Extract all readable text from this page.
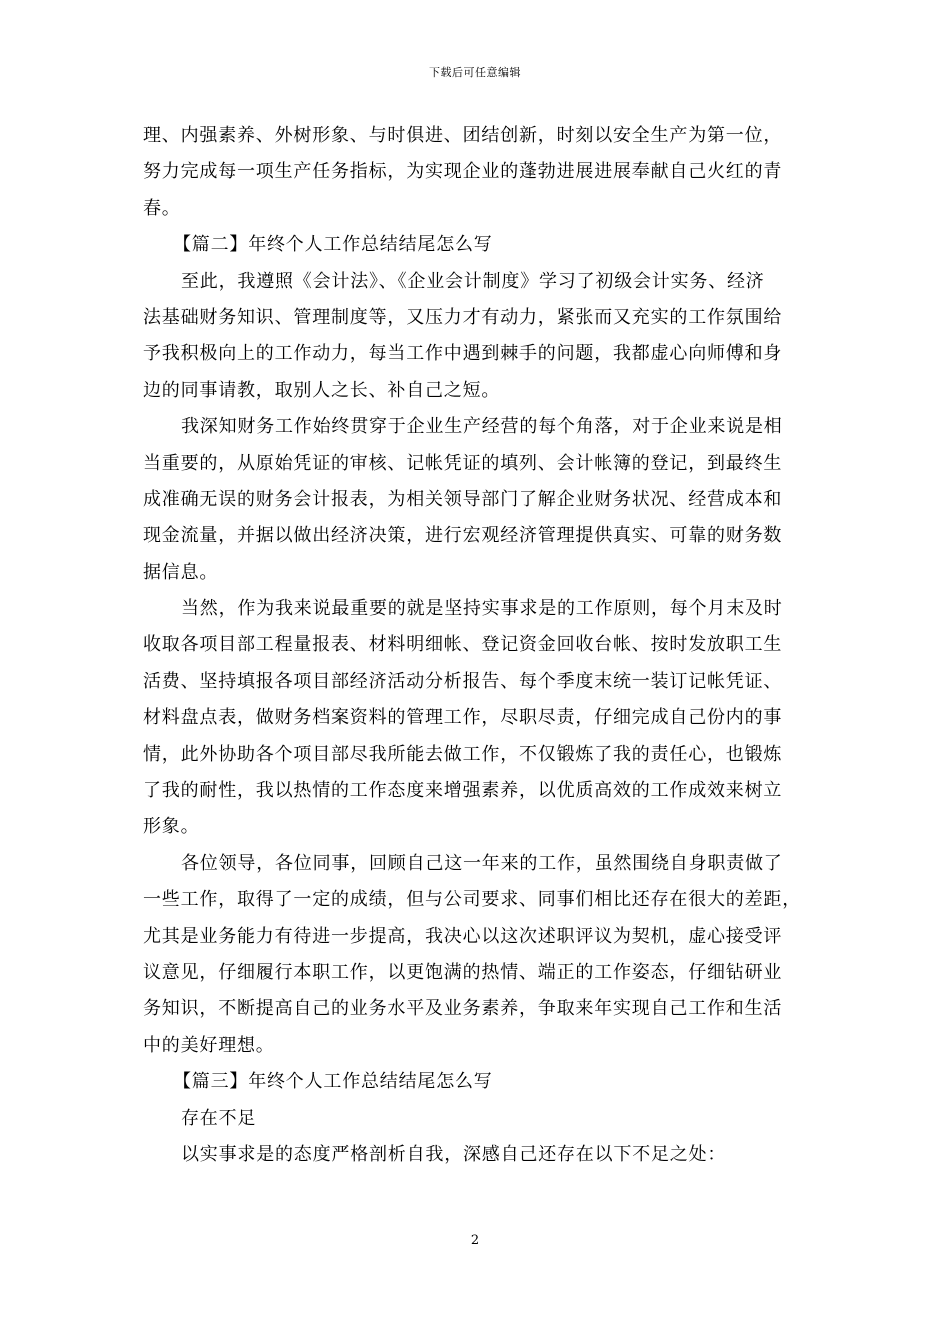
下载后可任意编辑
理、内强素养、外树形象、与时俱进、团结创新，时刻以安全生产为第一位，
努力完成每一项生产任务指标，为实现企业的蓬勃进展进展奉献自己火红的青
春。
【篇二】年终个人工作总结结尾怎么写
至此，我遵照《会计法》、《企业会计制度》学习了初级会计实务、经济
法基础财务知识、管理制度等，又压力才有动力，紧张而又充实的工作氛围给
予我积极向上的工作动力，每当工作中遇到棘手的问题，我都虚心向师傅和身
边的同事请教，取别人之长、补自己之短。
我深知财务工作始终贯穿于企业生产经营的每个角落，对于企业来说是相
当重要的，从原始凭证的审核、记帐凭证的填列、会计帐簿的登记，到最终生
成准确无误的财务会计报表，为相关领导部门了解企业财务状况、经营成本和
现金流量，并据以做出经济决策，进行宏观经济管理提供真实、可靠的财务数
据信息。
当然，作为我来说最重要的就是坚持实事求是的工作原则，每个月末及时
收取各项目部工程量报表、材料明细帐、登记资金回收台帐、按时发放职工生
活费、坚持填报各项目部经济活动分析报告、每个季度末统一装订记帐凭证、
材料盘点表，做财务档案资料的管理工作，尽职尽责，仔细完成自己份内的事
情，此外协助各个项目部尽我所能去做工作，不仅锻炼了我的责任心，也锻炼
了我的耐性，我以热情的工作态度来增强素养，以优质高效的工作成效来树立
形象。
各位领导，各位同事，回顾自己这一年来的工作，虽然围绕自身职责做了
一些工作，取得了一定的成绩，但与公司要求、同事们相比还存在很大的差距，
尤其是业务能力有待进一步提高，我决心以这次述职评议为契机，虚心接受评
议意见，仔细履行本职工作，以更饱满的热情、端正的工作姿态，仔细钻研业
务知识，不断提高自己的业务水平及业务素养，争取来年实现自己工作和生活
中的美好理想。
【篇三】年终个人工作总结结尾怎么写
存在不足
以实事求是的态度严格剖析自我，深感自己还存在以下不足之处：
2
